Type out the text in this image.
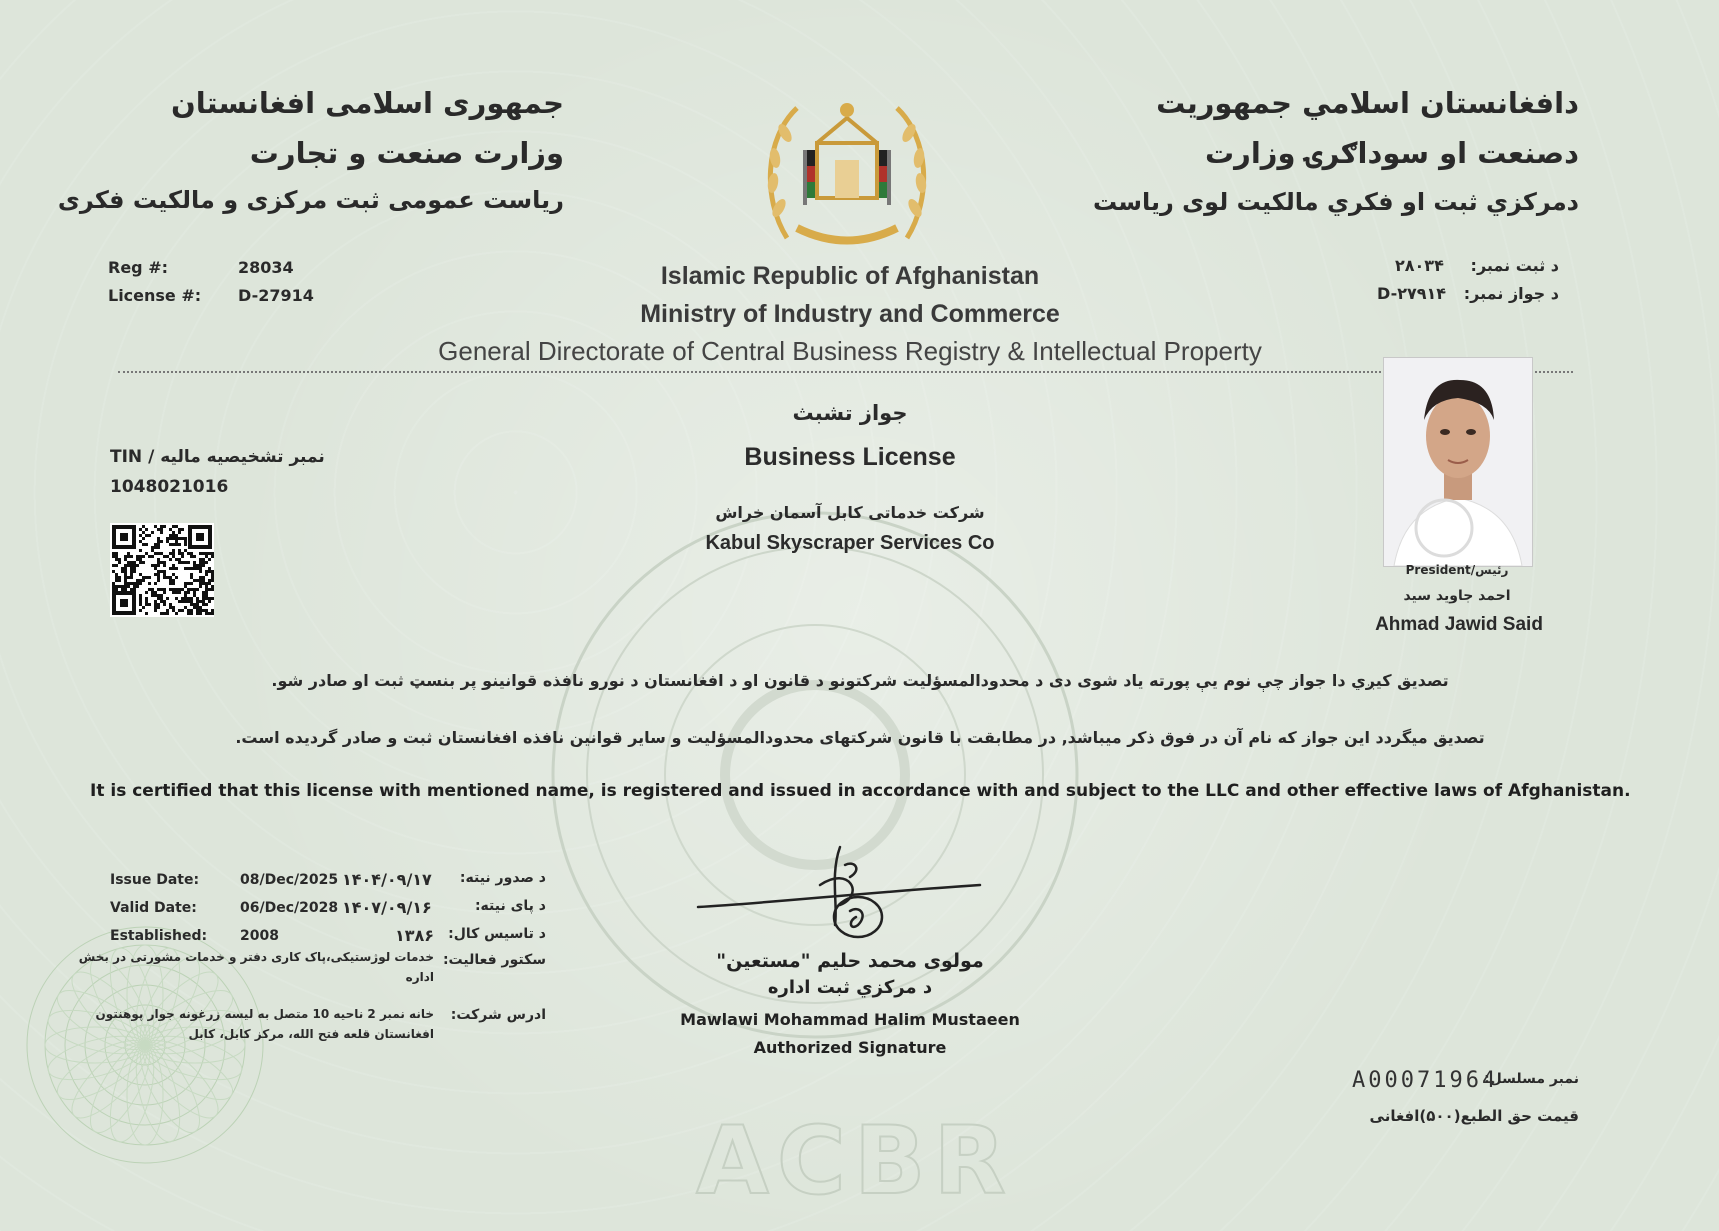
ACBR
جمهوری اسلامی افغانستان
وزارت صنعت و تجارت
ریاست عمومی ثبت مرکزی و مالکیت فکری
دافغانستان اسلامي جمهوريت
دصنعت او سوداګرۍ وزارت
دمرکزي ثبت او فکري مالکيت لوی رياست
Islamic Republic of Afghanistan
Ministry of Industry and Commerce
General Directorate of Central Business Registry & Intellectual Property
Reg #:	28034
License #: D-27914
د ثبت نمبر:
۲۸۰۳۴
د جواز نمبر:
D-۲۷۹۱۴
President/رئیس
احمد جاوید سید
Ahmad Jawid Said
جواز تشبث
Business License
شرکت خدماتی کابل آسمان خراش
Kabul Skyscraper Services Co
TIN / نمبر تشخیصیه مالیه
1048021016
تصدیق کیږي دا جواز چې نوم يې پورته ياد شوی دی د محدودالمسؤليت شرکتونو د قانون او د افغانستان د نورو نافذه قوانينو پر بنسټ ثبت او صادر شو.
تصدیق میگردد این جواز که نام آن در فوق ذکر میباشد, در مطابقت با قانون شرکتهای محدودالمسؤلیت و سایر قوانین نافذه افغانستان ثبت و صادر گردیده است.
It is certified that this license with mentioned name, is registered and issued in accordance with and subject to the LLC and other effective laws of Afghanistan.
Issue Date:	08/Dec/2025 ۱۴۰۴/۰۹/۱۷ د صدور نیته:
Valid Date:	06/Dec/2028 ۱۴۰۷/۰۹/۱۶	د پای نیته:
Established: 2008	۱۳۸۶ د تاسیس کال:
سکتور فعالیت:
خدمات لوژستیکی،پاک کاری دفتر و خدمات مشورتی در بخش
اداره
ادرس شرکت:
خانه نمبر 2 ناحیه 10 متصل به لیسه زرغونه جوار پوهنتون
افغانستان قلعه فتح الله، مرکز کابل، کابل
مولوی محمد حلیم "مستعین"
د مرکزي ثبت اداره
Mawlawi Mohammad Halim Mustaeen
Authorized Signature
نمبر مسلسل:
A00071964
قیمت حق الطبع(۵۰۰)افغانی
